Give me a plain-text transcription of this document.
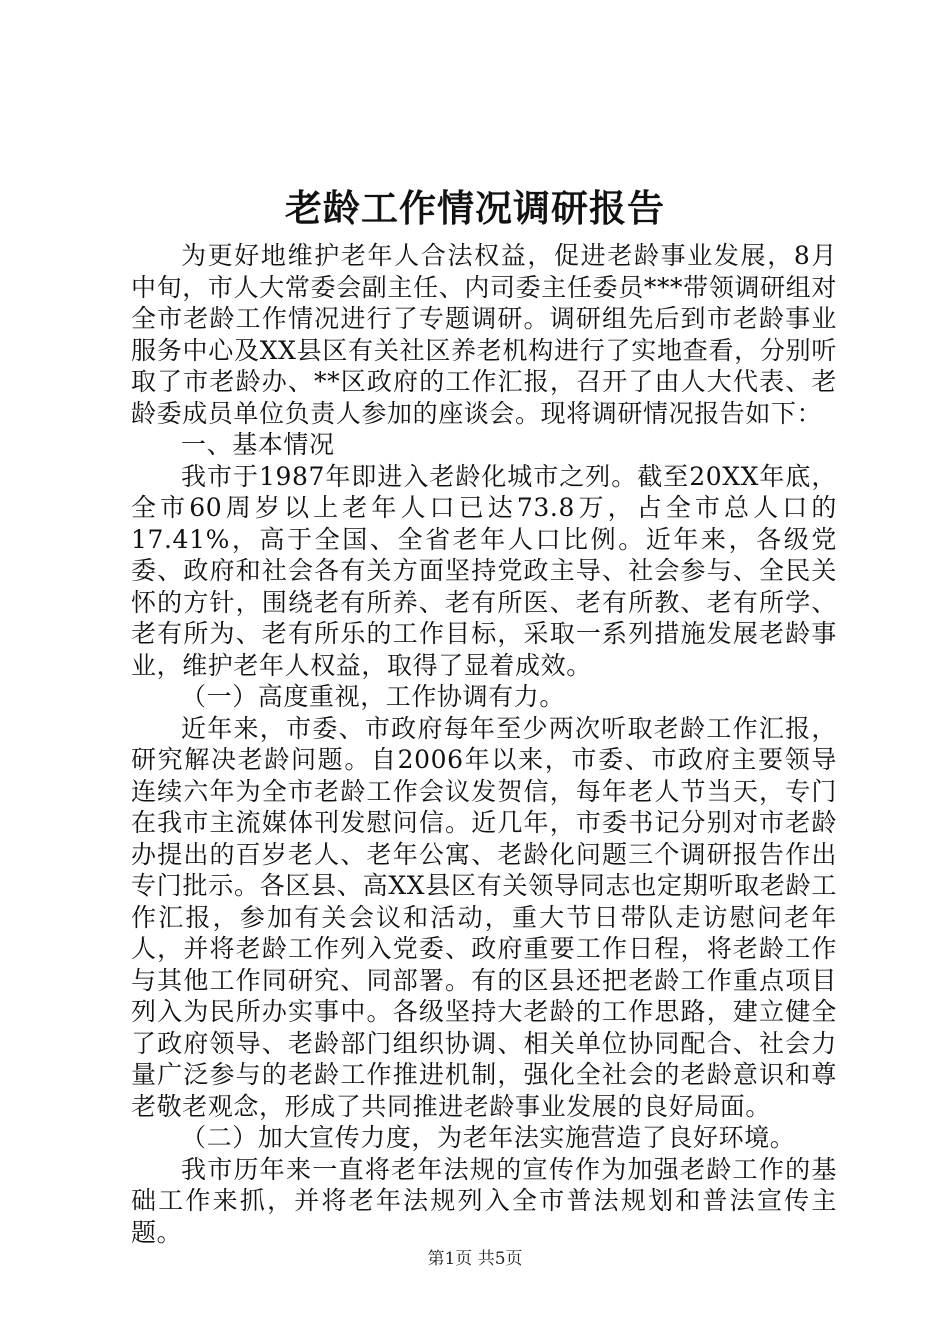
老龄工作情况调研报告

为更好地维护老年人合法权益，促进老龄事业发展，8月中旬，市人大常委会副主任、内司委主任委员***带领调研组对全市老龄工作情况进行了专题调研。调研组先后到市老龄事业服务中心及XX县区有关社区养老机构进行了实地查看，分别听取了市老龄办、**区政府的工作汇报，召开了由人大代表、老龄委成员单位负责人参加的座谈会。现将调研情况报告如下：

一、基本情况

我市于1987年即进入老龄化城市之列。截至20XX年底，全市60周岁以上老年人口已达73.8万，占全市总人口的17.41%，高于全国、全省老年人口比例。近年来，各级党委、政府和社会各有关方面坚持党政主导、社会参与、全民关怀的方针，围绕老有所养、老有所医、老有所教、老有所学、老有所为、老有所乐的工作目标，采取一系列措施发展老龄事业，维护老年人权益，取得了显着成效。

（一）高度重视，工作协调有力。

近年来，市委、市政府每年至少两次听取老龄工作汇报，研究解决老龄问题。自2006年以来，市委、市政府主要领导连续六年为全市老龄工作会议发贺信，每年老人节当天，专门在我市主流媒体刊发慰问信。近几年，市委书记分别对市老龄办提出的百岁老人、老年公寓、老龄化问题三个调研报告作出专门批示。各区县、高XX县区有关领导同志也定期听取老龄工作汇报，参加有关会议和活动，重大节日带队走访慰问老年人，并将老龄工作列入党委、政府重要工作日程，将老龄工作与其他工作同研究、同部署。有的区县还把老龄工作重点项目列入为民所办实事中。各级坚持大老龄的工作思路，建立健全了政府领导、老龄部门组织协调、相关单位协同配合、社会力量广泛参与的老龄工作推进机制，强化全社会的老龄意识和尊老敬老观念，形成了共同推进老龄事业发展的良好局面。

（二）加大宣传力度，为老年法实施营造了良好环境。

我市历年来一直将老年法规的宣传作为加强老龄工作的基础工作来抓，并将老年法规列入全市普法规划和普法宣传主题。

第1页 共5页
